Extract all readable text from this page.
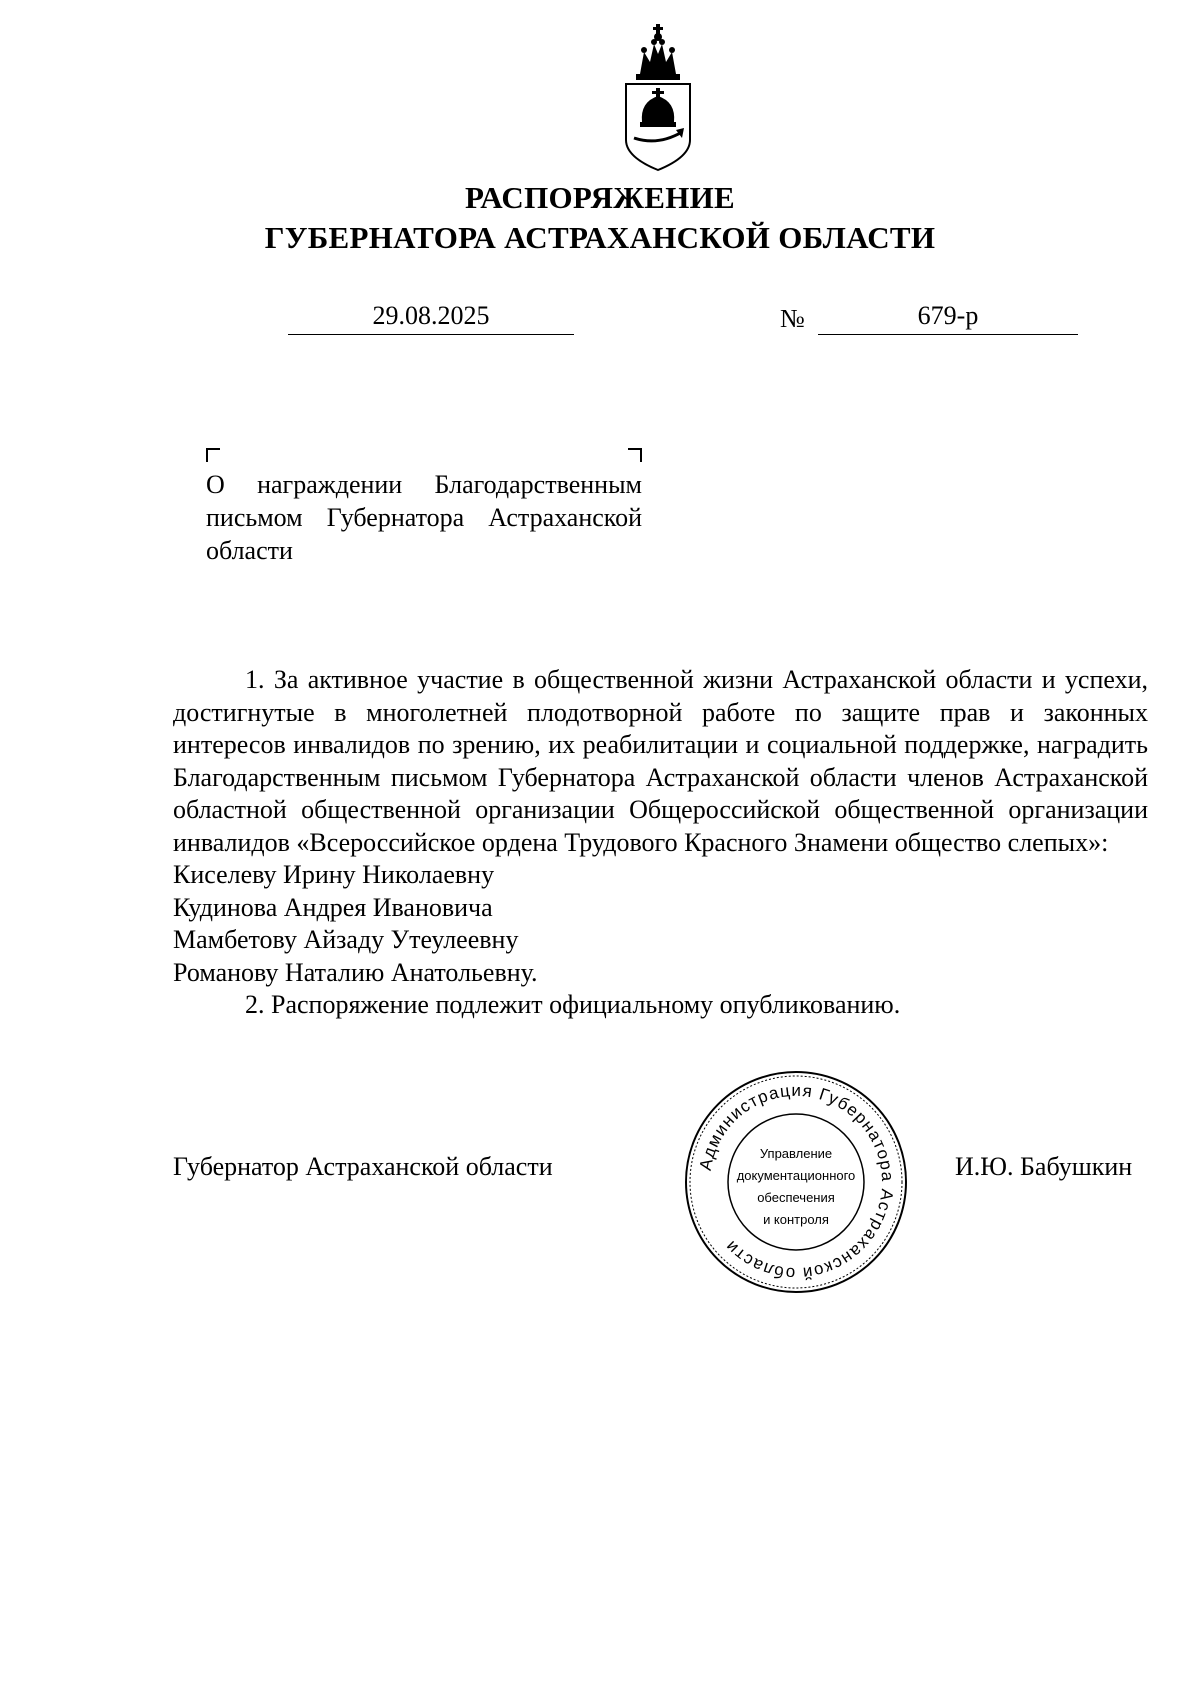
РАСПОРЯЖЕНИЕ
ГУБЕРНАТОРА АСТРАХАНСКОЙ ОБЛАСТИ
29.08.2025	№	679-р
О награждении Благодарственным письмом Губернатора Астраханской области

1. За активное участие в общественной жизни Астраханской области и успехи, достигнутые в многолетней плодотворной работе по защите прав и законных интересов инвалидов по зрению, их реабилитации и социальной поддержке, наградить Благодарственным письмом Губернатора Астраханской области членов Астраханской областной общественной организации Общероссийской общественной организации инвалидов «Всероссийское ордена Трудового Красного Знамени общество слепых»:

Киселеву Ирину Николаевну

Кудинова Андрея Ивановича

Мамбетову Айзаду Утеулеевну

Романову Наталию Анатольевну.

2. Распоряжение подлежит официальному опубликованию.

Губернатор Астраханской области	И.Ю. Бабушкин
Администрация Губернатора Астраханской области
Управление
документационного
обеспечения
и контроля
